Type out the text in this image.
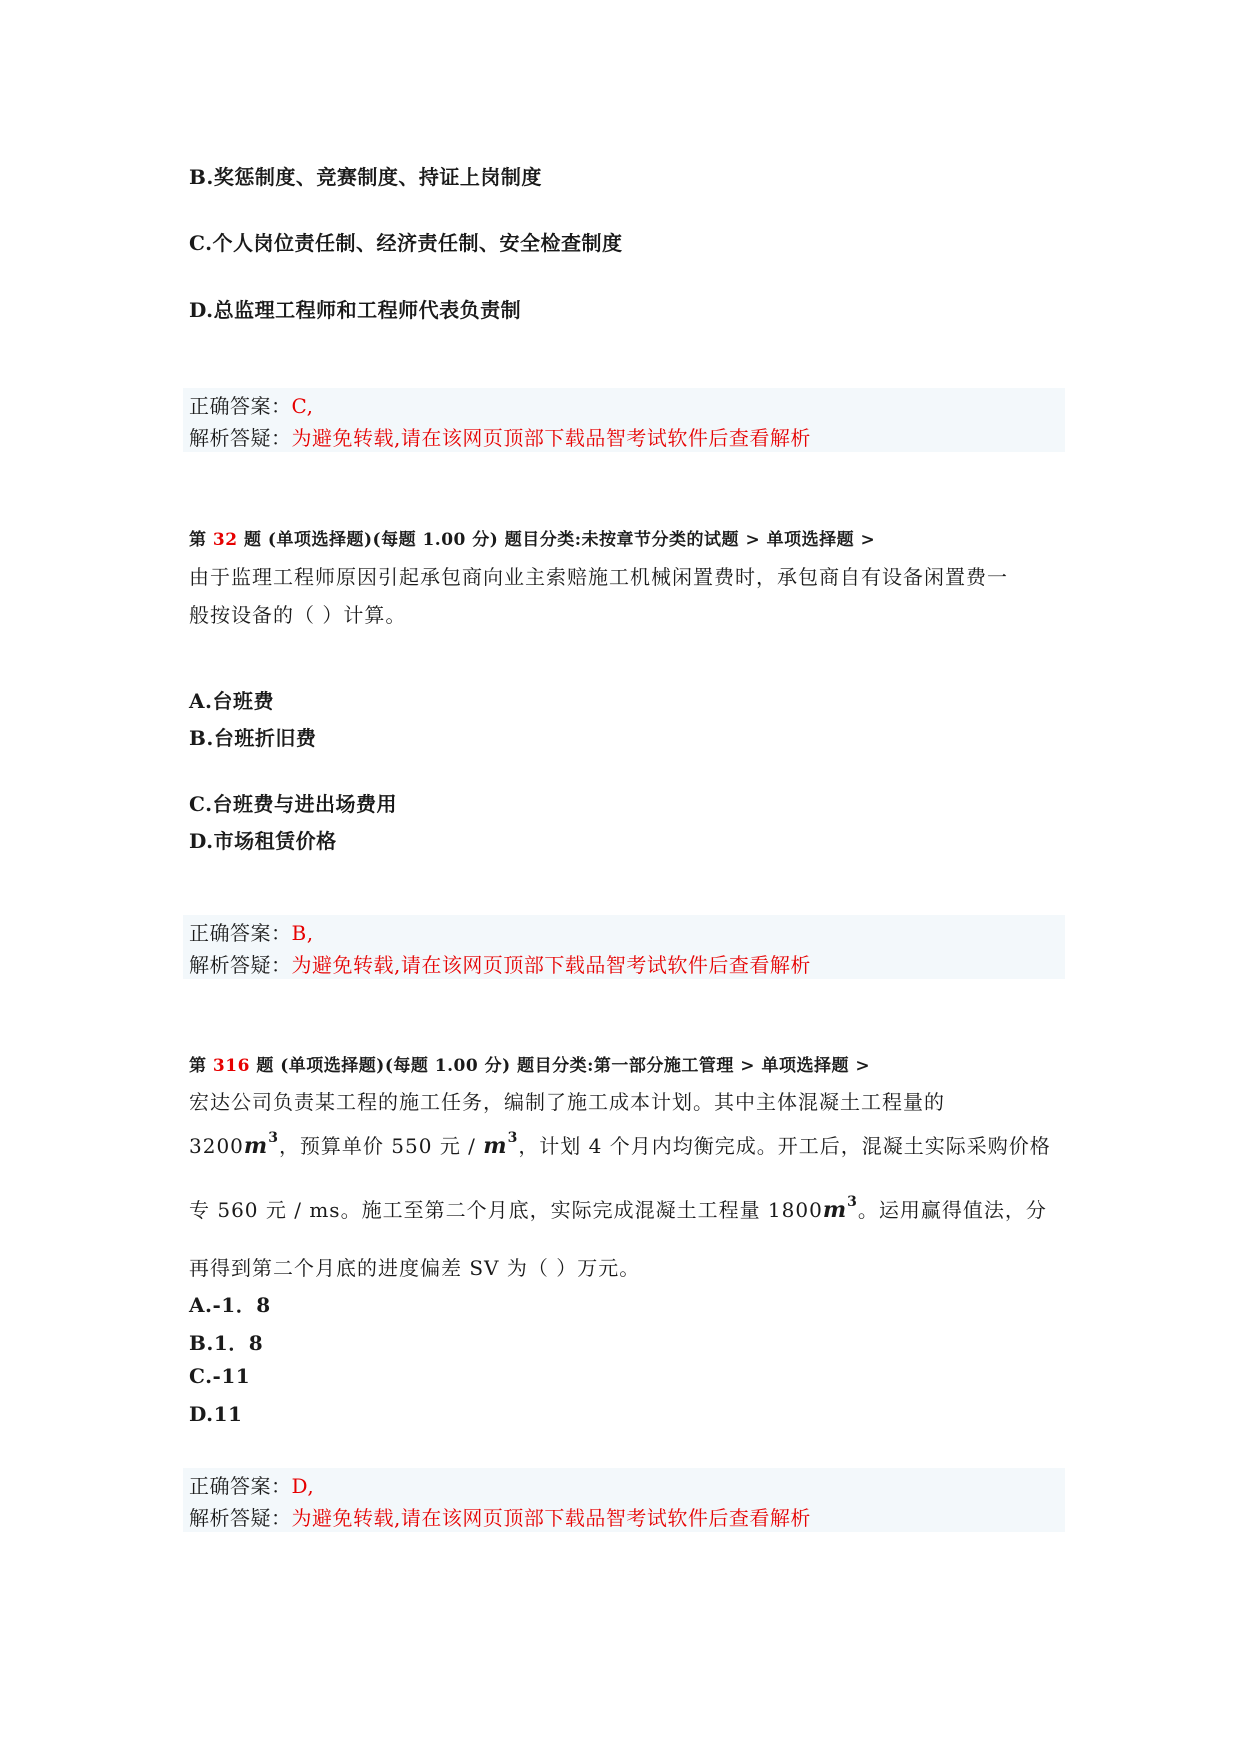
B.奖惩制度、竞赛制度、持证上岗制度
C.个人岗位责任制、经济责任制、安全检查制度
D.总监理工程师和工程师代表负责制
正确答案：C,
解析答疑：为避免转载,请在该网页顶部下载品智考试软件后查看解析
第 32 题 (单项选择题)(每题 1.00 分) 题目分类:未按章节分类的试题 > 单项选择题 >
由于监理工程师原因引起承包商向业主索赔施工机械闲置费时，承包商自有设备闲置费一
般按设备的（ ）计算。
A.台班费
B.台班折旧费
C.台班费与进出场费用
D.市场租赁价格
正确答案：B,
解析答疑：为避免转载,请在该网页顶部下载品智考试软件后查看解析
第 316 题 (单项选择题)(每题 1.00 分) 题目分类:第一部分施工管理 > 单项选择题 >
宏达公司负责某工程的施工任务，编制了施工成本计划。其中主体混凝土工程量的
$3200m^3$，预算单价 550 元 / $m^3$，计划 4 个月内均衡完成。开工后，混凝土实际采购价格
专 560 元 / ms。施工至第二个月底，实际完成混凝土工程量 $1800m^3$。运用赢得值法，分
再得到第二个月底的进度偏差 SV 为（ ）万元。
A.-1．8
B.1．8
C.-11
D.11
正确答案：D,
解析答疑：为避免转载,请在该网页顶部下载品智考试软件后查看解析
